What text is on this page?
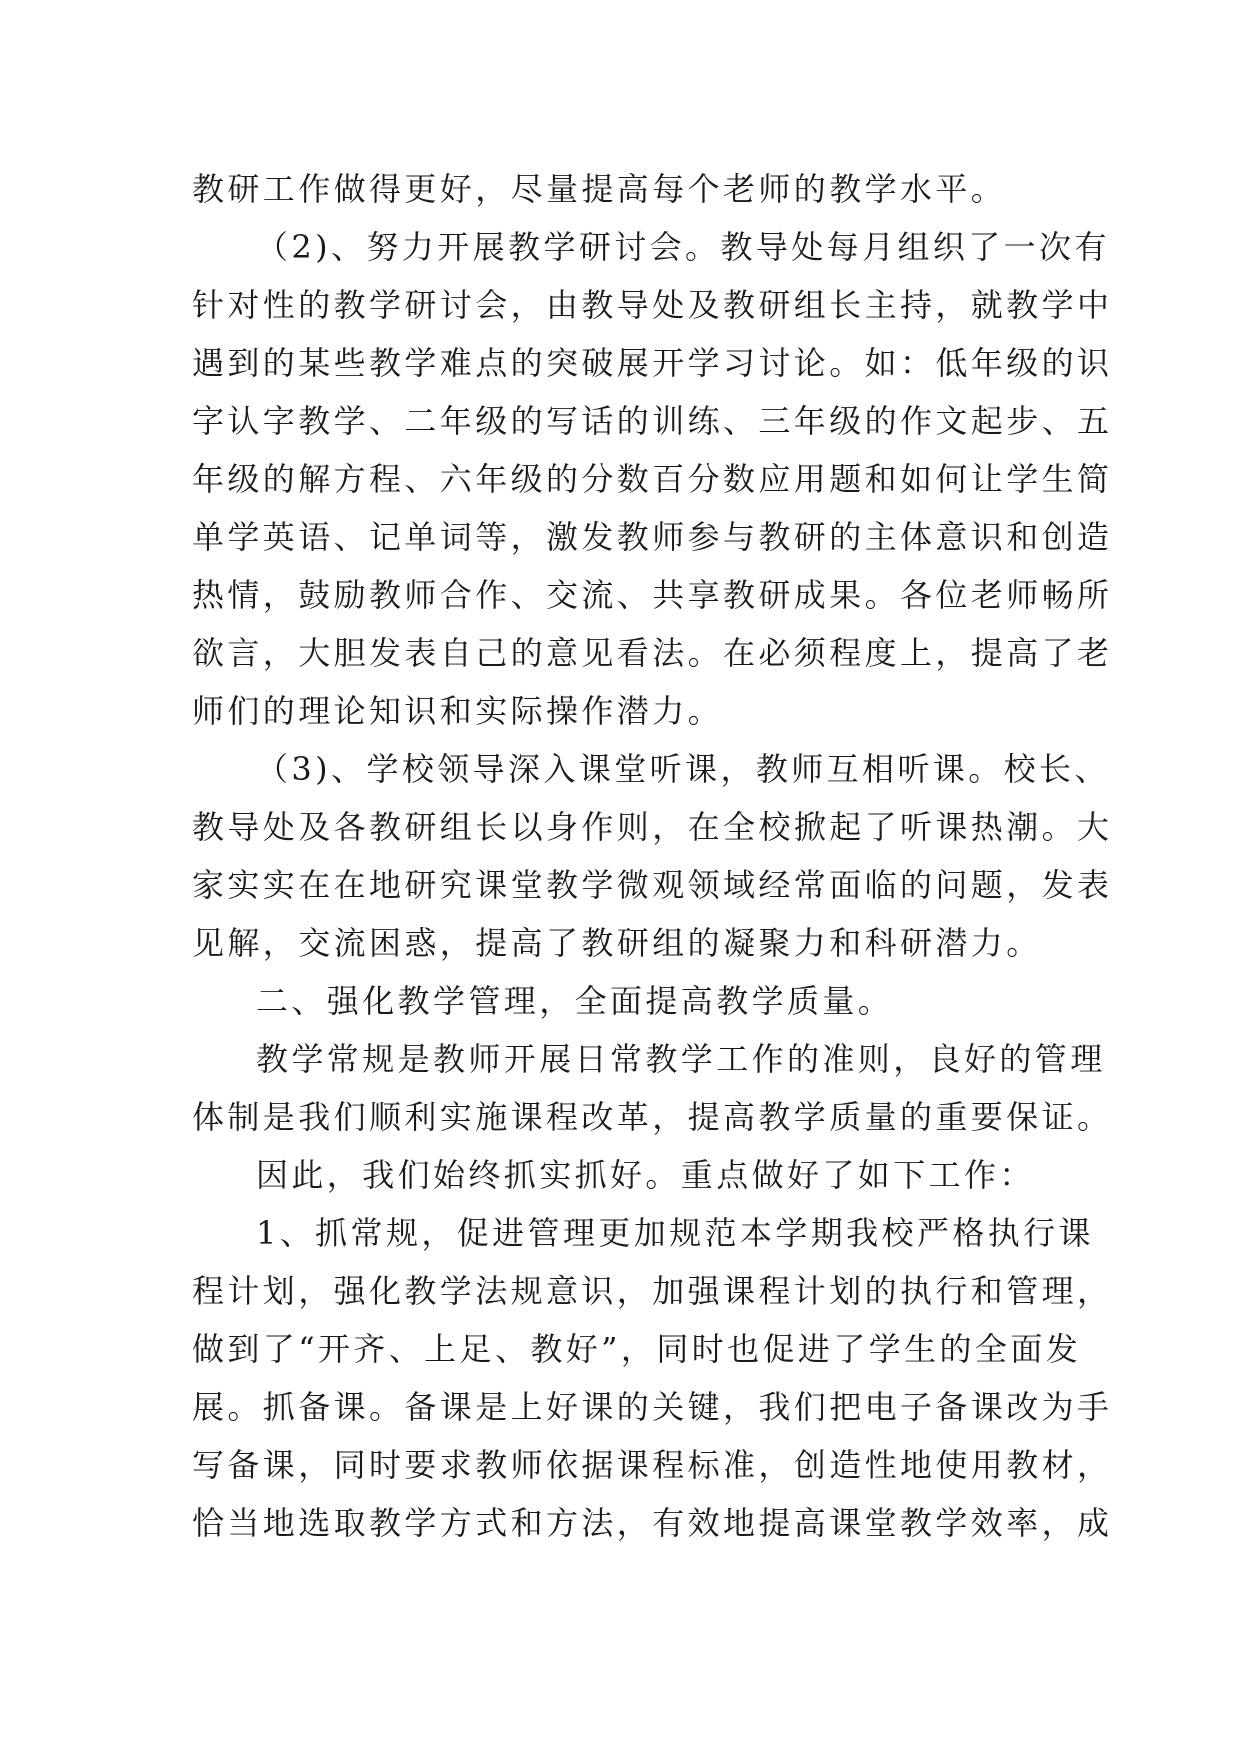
教研工作做得更好，尽量提高每个老师的教学水平。
（2)、努力开展教学研讨会。教导处每月组织了一次有
针对性的教学研讨会，由教导处及教研组长主持，就教学中
遇到的某些教学难点的突破展开学习讨论。如：低年级的识
字认字教学、二年级的写话的训练、三年级的作文起步、五
年级的解方程、六年级的分数百分数应用题和如何让学生简
单学英语、记单词等，激发教师参与教研的主体意识和创造
热情，鼓励教师合作、交流、共享教研成果。各位老师畅所
欲言，大胆发表自己的意见看法。在必须程度上，提高了老
师们的理论知识和实际操作潜力。
（3)、学校领导深入课堂听课，教师互相听课。校长、
教导处及各教研组长以身作则，在全校掀起了听课热潮。大
家实实在在地研究课堂教学微观领域经常面临的问题，发表
见解，交流困惑，提高了教研组的凝聚力和科研潜力。
二、强化教学管理，全面提高教学质量。
教学常规是教师开展日常教学工作的准则，良好的管理
体制是我们顺利实施课程改革，提高教学质量的重要保证。
因此，我们始终抓实抓好。重点做好了如下工作：
1、抓常规，促进管理更加规范本学期我校严格执行课
程计划，强化教学法规意识，加强课程计划的执行和管理，
做到了“开齐、上足、教好”，同时也促进了学生的全面发
展。抓备课。备课是上好课的关键，我们把电子备课改为手
写备课，同时要求教师依据课程标准，创造性地使用教材，
恰当地选取教学方式和方法，有效地提高课堂教学效率，成
